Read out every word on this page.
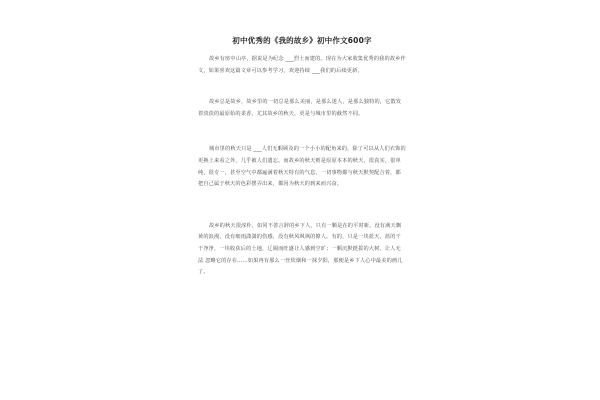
初中优秀的《我的故乡》初中作文600字

故乡有座中山亭，据说是为纪念 ___烈士而建的。现在为大家收集优秀的我的故乡作文，如果喜欢这篇文章可以参考学习，欢迎持续 ___我们的后续更新。

故乡总是故乡，故乡里的一切总是那么美丽，是那么迷人，是那么独特的，它散发着淡淡的最原始的柔香。尤其故乡的秋天，更是与城市里的截然不同。

城市里的秋天只是 ___人们无暇顾及的一个小小的配角来的，除了可以从人们衣饰的更换上来看之外，几乎被人们遗忘。而故乡的秋天则是原原本本的秋天，很真实，很单纯，很专一，甚至空气中都遍满着秋天特有的气息，一切事物都与秋天默契配合着，都把自己属于秋天的色彩摆弄出来，都因为秋天的到来而兴奋。

故乡的秋天很淳朴，如同不善言辞的乡下人，只有一颗是在的平时新。没有满天飘黄的浪漫，没有细雨潇潇的伤感，没有秋风飒飒的撩人。有的，只是一块蓝天，蓝的干干净净，一块收获后的土地，辽阔而旺盛让人感到空旷；一颗沉默挺拔的大树，让人无法 忽略它的存在……如果再有那么一丝炊烟和一抹夕阳，那便是乡下人心中最美的画儿了。
